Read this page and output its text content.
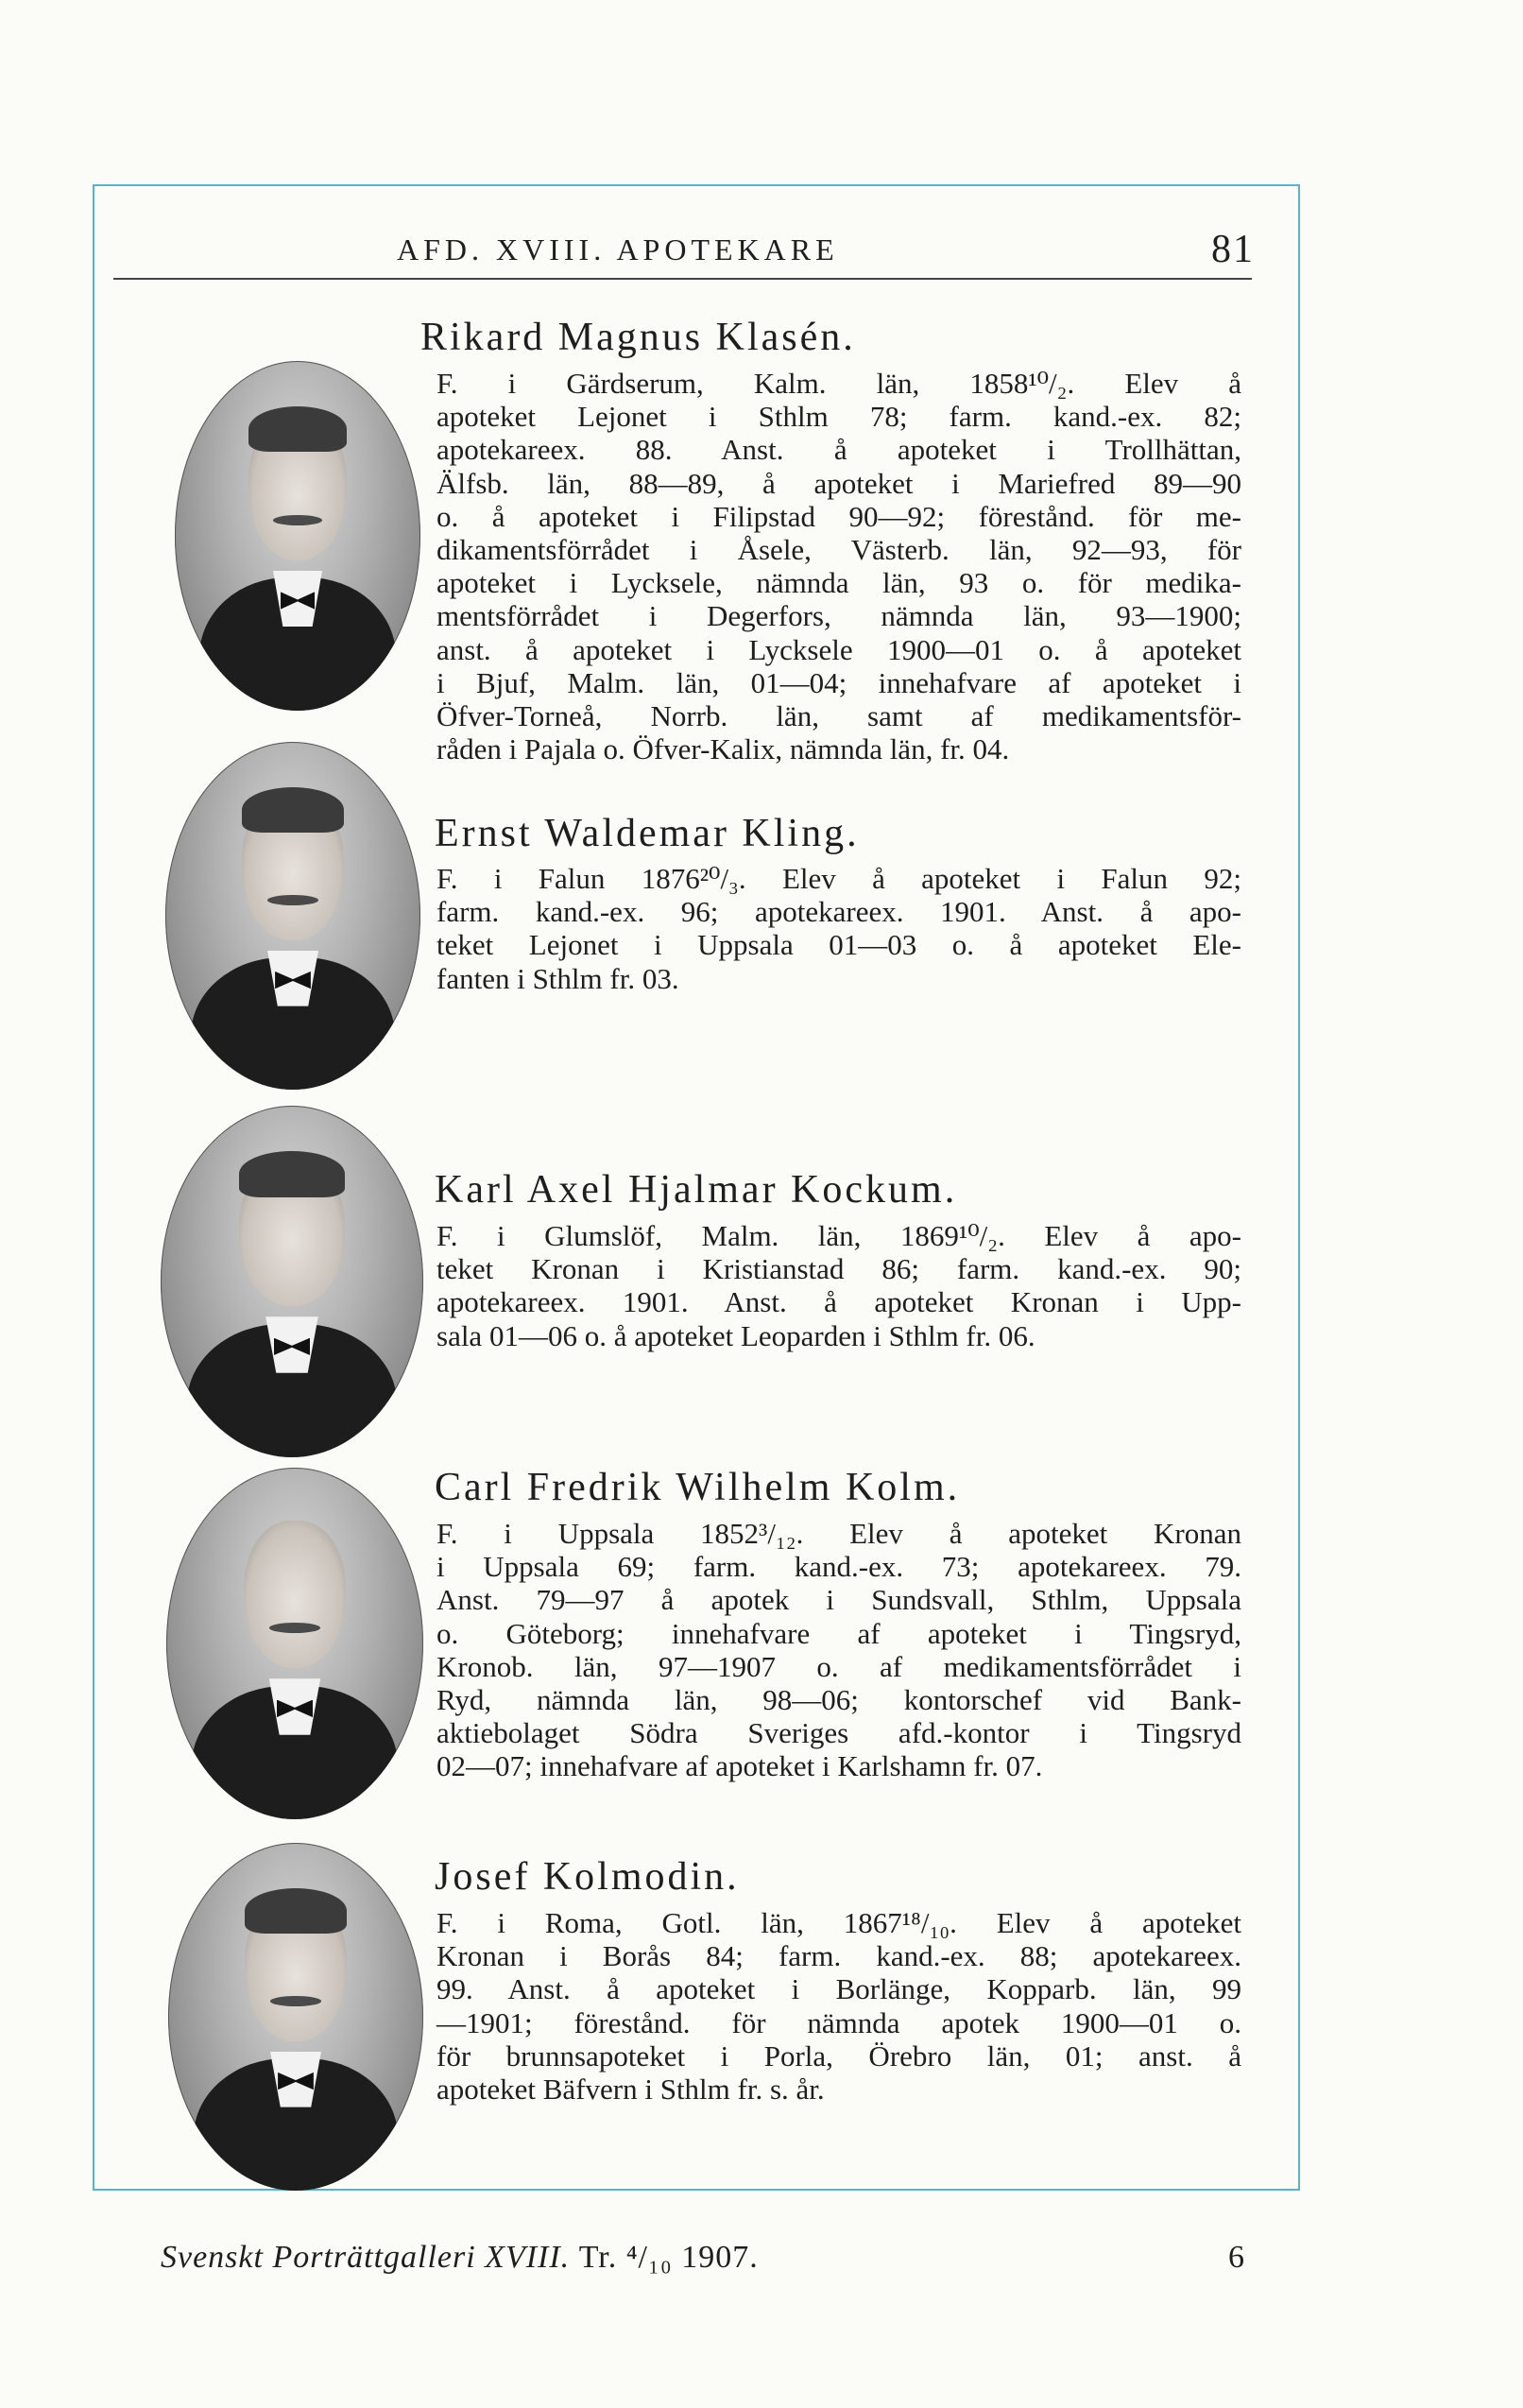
AFD. XVIII. APOTEKARE	81
Rikard Magnus Klasén.
F. i Gärdserum, Kalm. län, 1858¹⁰/₂. Elev å
apoteket Lejonet i Sthlm 78; farm. kand.-ex. 82;
apotekareex. 88. Anst. å apoteket i Trollhättan,
Älfsb. län, 88—89, å apoteket i Mariefred 89—90
o. å apoteket i Filipstad 90—92; förestånd. för me-
dikamentsförrådet i Åsele, Västerb. län, 92—93, för
apoteket i Lycksele, nämnda län, 93 o. för medika-
mentsförrådet i Degerfors, nämnda län, 93—1900;
anst. å apoteket i Lycksele 1900—01 o. å apoteket
i Bjuf, Malm. län, 01—04; innehafvare af apoteket i
Öfver-Torneå, Norrb. län, samt af medikamentsför-
råden i Pajala o. Öfver-Kalix, nämnda län, fr. 04.
Ernst Waldemar Kling.
F. i Falun 1876²⁰/₃. Elev å apoteket i Falun 92;
farm. kand.-ex. 96; apotekareex. 1901. Anst. å apo-
teket Lejonet i Uppsala 01—03 o. å apoteket Ele-
fanten i Sthlm fr. 03.
Karl Axel Hjalmar Kockum.
F. i Glumslöf, Malm. län, 1869¹⁰/₂. Elev å apo-
teket Kronan i Kristianstad 86; farm. kand.-ex. 90;
apotekareex. 1901. Anst. å apoteket Kronan i Upp-
sala 01—06 o. å apoteket Leoparden i Sthlm fr. 06.
Carl Fredrik Wilhelm Kolm.
F. i Uppsala 1852³/₁₂. Elev å apoteket Kronan
i Uppsala 69; farm. kand.-ex. 73; apotekareex. 79.
Anst. 79—97 å apotek i Sundsvall, Sthlm, Uppsala
o. Göteborg; innehafvare af apoteket i Tingsryd,
Kronob. län, 97—1907 o. af medikamentsförrådet i
Ryd, nämnda län, 98—06; kontorschef vid Bank-
aktiebolaget Södra Sveriges afd.-kontor i Tingsryd
02—07; innehafvare af apoteket i Karlshamn fr. 07.
Josef Kolmodin.
F. i Roma, Gotl. län, 1867¹⁸/₁₀. Elev å apoteket
Kronan i Borås 84; farm. kand.-ex. 88; apotekareex.
99. Anst. å apoteket i Borlänge, Kopparb. län, 99
—1901; förestånd. för nämnda apotek 1900—01 o.
för brunnsapoteket i Porla, Örebro län, 01; anst. å
apoteket Bäfvern i Sthlm fr. s. år.
Svenskt Porträttgalleri XVIII. Tr. ⁴/₁₀ 1907.	6
